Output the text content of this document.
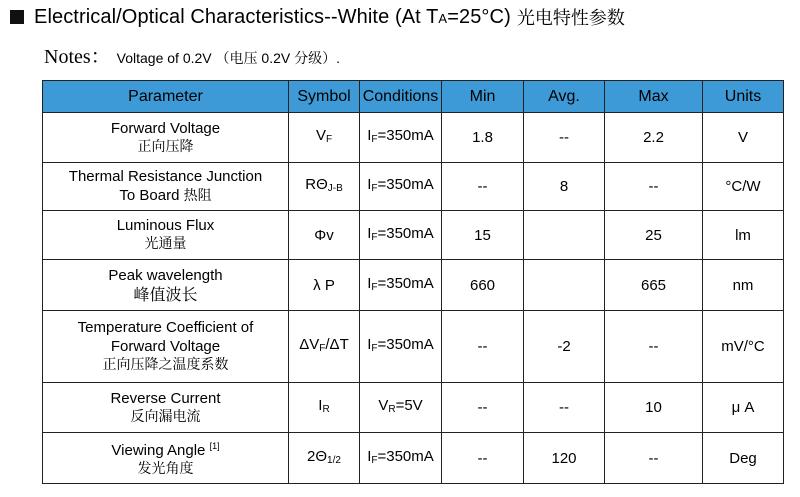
Electrical/Optical Characteristics--White (At TA=25°C) 光电特性参数
Notes： Voltage of 0.2V （电压 0.2V 分级）.
Parameter	Symbol	Conditions	Min	Avg.	Max	Units

Forward Voltage
正向压降	$V_F$	$I_F=350mA$	1.8	--	2.2	V

Thermal Resistance Junction
To Board 热阻	$R\Theta_{J-B}$	$I_F=350mA$	--	8	--	°C/W

Luminous Flux
光通量	Φv	$I_F=350mA$	15		25	lm

Peak wavelength
峰值波长	λ P	$I_F=350mA$	660		665	nm

Temperature Coefficient of
Forward Voltage
正向压降之温度系数	$\Delta V_F/\Delta T$	$I_F=350mA$	--	-2	--	mV/°C

Reverse Current
反向漏电流	$I_R$	$V_R=5V$	--	--	10	μ A

Viewing Angle [1]
发光角度	$2\Theta_{1/2}$	$I_F=350mA$	--	120	--	Deg
